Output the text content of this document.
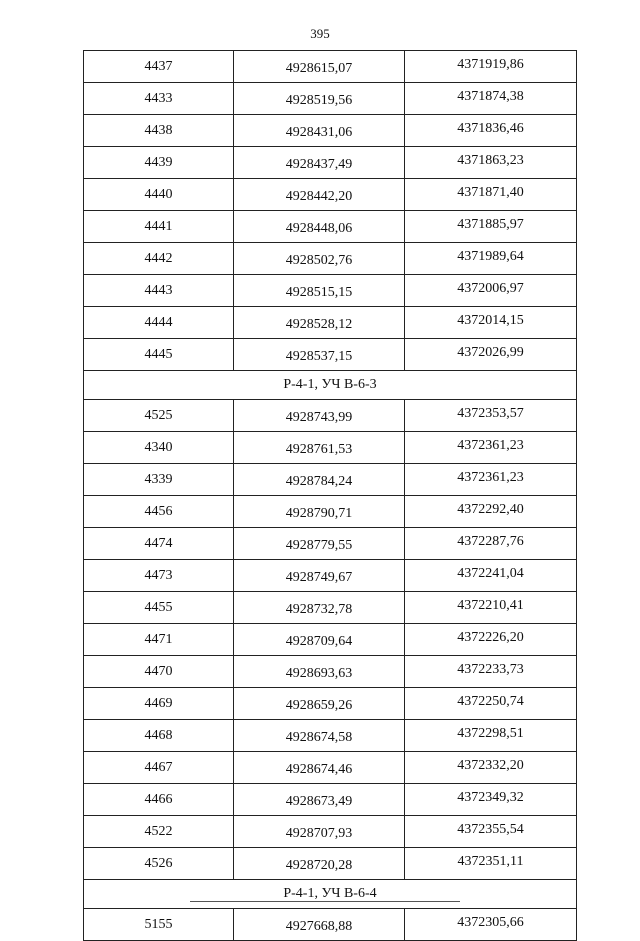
395
4437	4928615,07	4371919,86
4433	4928519,56	4371874,38
4438	4928431,06	4371836,46
4439	4928437,49	4371863,23
4440	4928442,20	4371871,40
4441	4928448,06	4371885,97
4442	4928502,76	4371989,64
4443	4928515,15	4372006,97
4444	4928528,12	4372014,15
4445	4928537,15	4372026,99
Р-4-1, УЧ В-6-3		
4525	4928743,99	4372353,57
4340	4928761,53	4372361,23
4339	4928784,24	4372361,23
4456	4928790,71	4372292,40
4474	4928779,55	4372287,76
4473	4928749,67	4372241,04
4455	4928732,78	4372210,41
4471	4928709,64	4372226,20
4470	4928693,63	4372233,73
4469	4928659,26	4372250,74
4468	4928674,58	4372298,51
4467	4928674,46	4372332,20
4466	4928673,49	4372349,32
4522	4928707,93	4372355,54
4526	4928720,28	4372351,11
Р-4-1, УЧ В-6-4		
5155	4927668,88	4372305,66
